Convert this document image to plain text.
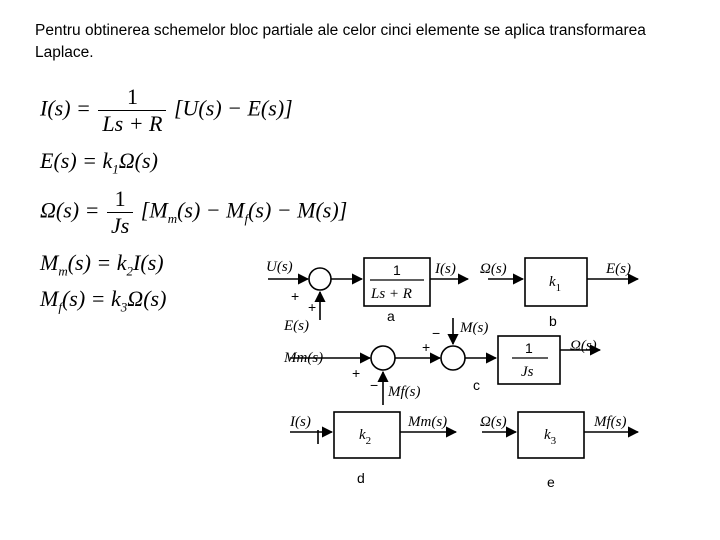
Pentru obtinerea schemelor bloc partiale ale celor cinci elemente se aplica transformarea Laplace.
$I(s) = \frac{1}{Ls + R} [U(s) - E(s)]$
$E(s) = k_1\Omega(s)$
$\Omega(s) = \frac{1}{Js} [M_m(s) - M_f(s) - M(s)]$
$M_m(s) = k_2I(s)$
$M_f(s) = k_3\Omega(s)$
U(s)
+
+
E(s)
1
Ls + R
I(s)
a
Ω(s)
$k_1$
E(s)
b
Mm(s)
+
− Mf(s)
−
+
M(s)
1
Js
Ω(s)
c
I(s)
$k_2$
Mm(s)
d
Ω(s)
$k_3$
Mf(s)
e
